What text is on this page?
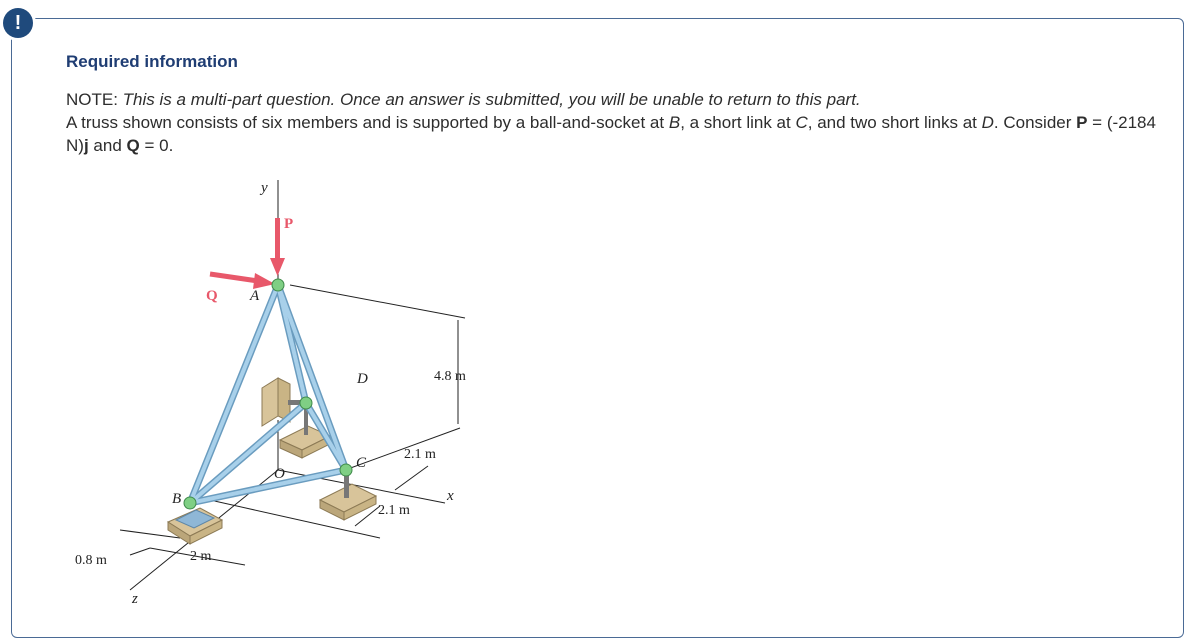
!
Required information
NOTE: This is a multi-part question. Once an answer is submitted, you will be unable to return to this part.
A truss shown consists of six members and is supported by a ball-and-socket at B, a short link at C, and two short links at D. Consider P = (-2184 N)j and Q = 0.
y
A
D
C
B
O
x
z
P
Q
4.8 m
2.1 m
2.1 m
0.8 m	2 m
